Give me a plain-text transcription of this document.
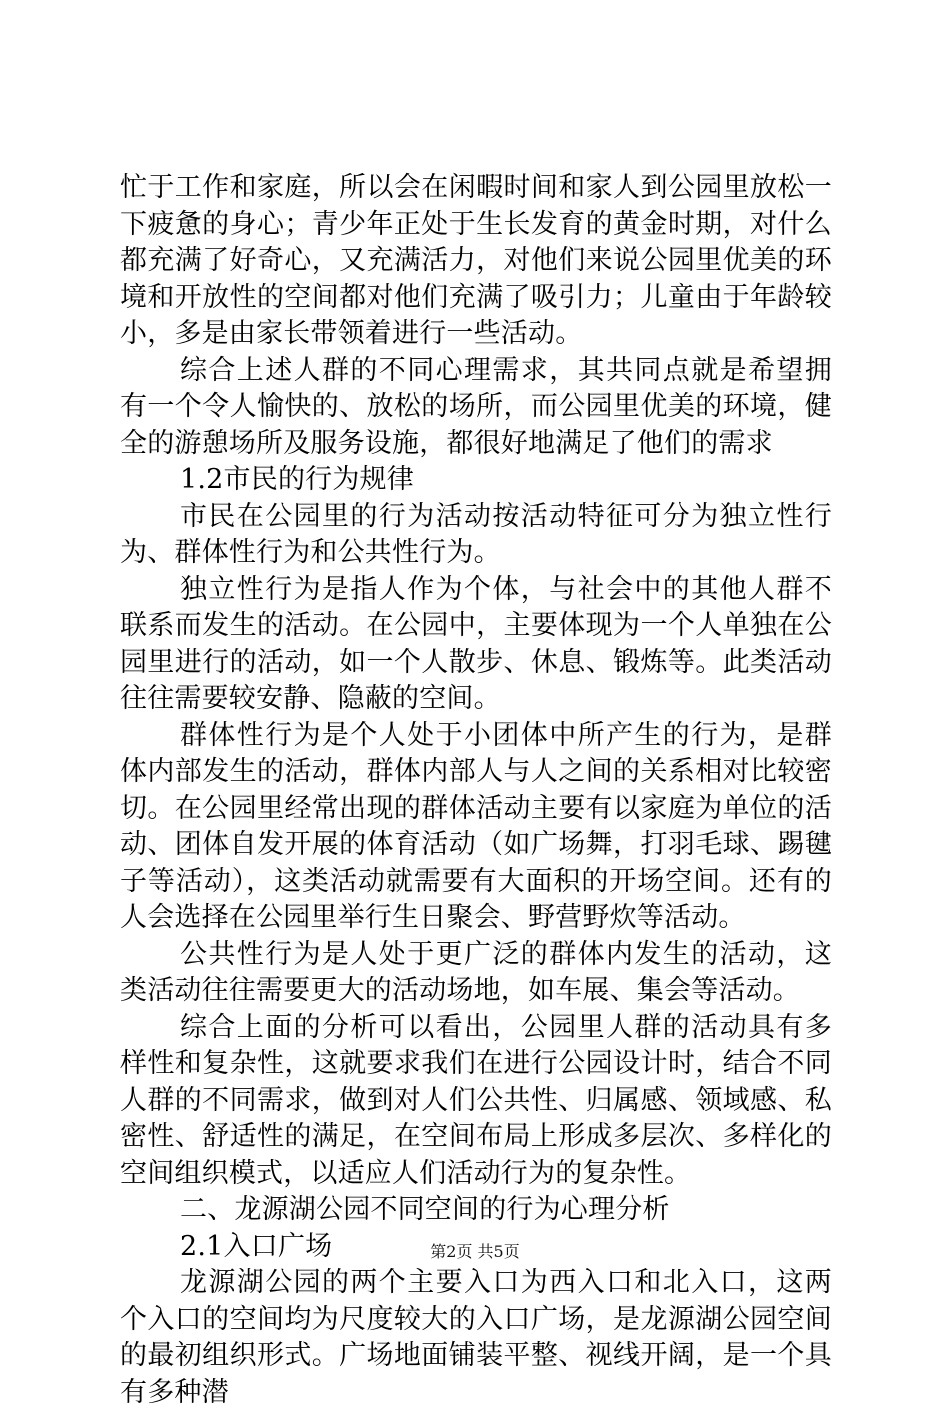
忙于工作和家庭，所以会在闲暇时间和家人到公园里放松一下疲惫的身心；青少年正处于生长发育的黄金时期，对什么都充满了好奇心，又充满活力，对他们来说公园里优美的环境和开放性的空间都对他们充满了吸引力；儿童由于年龄较小，多是由家长带领着进行一些活动。

综合上述人群的不同心理需求，其共同点就是希望拥有一个令人愉快的、放松的场所，而公园里优美的环境，健全的游憩场所及服务设施，都很好地满足了他们的需求

1.2市民的行为规律

市民在公园里的行为活动按活动特征可分为独立性行为、群体性行为和公共性行为。

独立性行为是指人作为个体，与社会中的其他人群不联系而发生的活动。在公园中，主要体现为一个人单独在公园里进行的活动，如一个人散步、休息、锻炼等。此类活动往往需要较安静、隐蔽的空间。

群体性行为是个人处于小团体中所产生的行为，是群体内部发生的活动，群体内部人与人之间的关系相对比较密切。在公园里经常出现的群体活动主要有以家庭为单位的活动、团体自发开展的体育活动（如广场舞，打羽毛球、踢毽子等活动），这类活动就需要有大面积的开场空间。还有的人会选择在公园里举行生日聚会、野营野炊等活动。

公共性行为是人处于更广泛的群体内发生的活动，这类活动往往需要更大的活动场地，如车展、集会等活动。

综合上面的分析可以看出，公园里人群的活动具有多样性和复杂性，这就要求我们在进行公园设计时，结合不同人群的不同需求，做到对人们公共性、归属感、领域感、私密性、舒适性的满足，在空间布局上形成多层次、多样化的空间组织模式，以适应人们活动行为的复杂性。

二、龙源湖公园不同空间的行为心理分析

2.1入口广场

龙源湖公园的两个主要入口为西入口和北入口，这两个入口的空间均为尺度较大的入口广场，是龙源湖公园空间的最初组织形式。广场地面铺装平整、视线开阔，是一个具有多种潜

第2页 共5页
